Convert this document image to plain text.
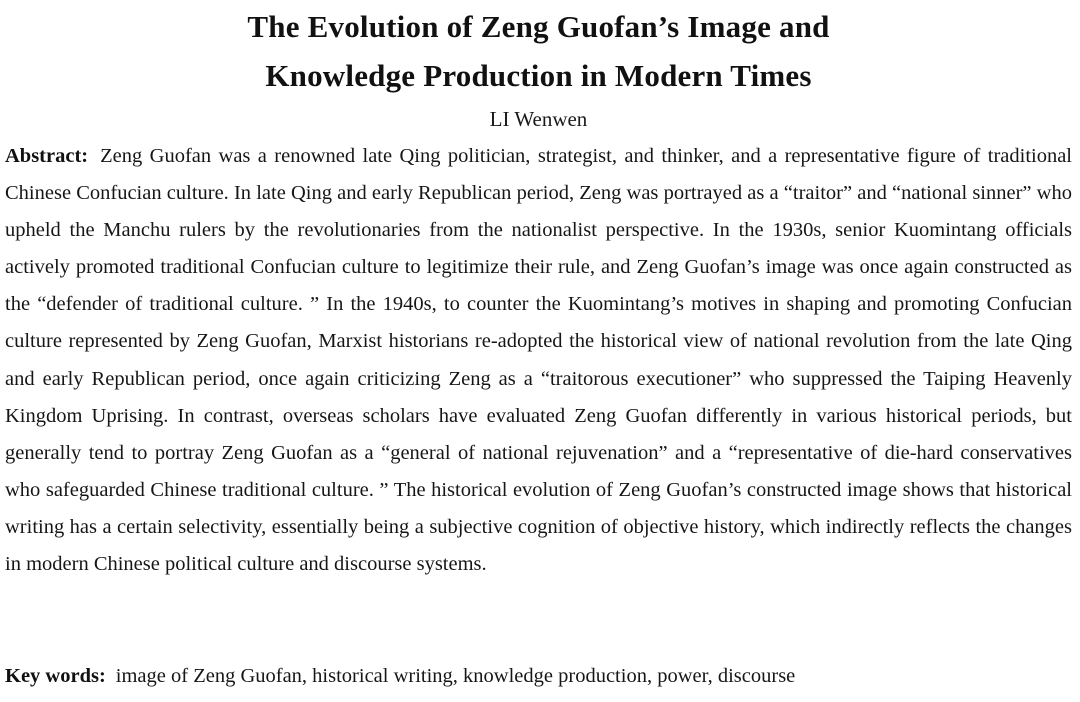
The Evolution of Zeng Guofan’s Image and
Knowledge Production in Modern Times

LI Wenwen

Abstract: Zeng Guofan was a renowned late Qing politician, strategist, and thinker, and a representative figure of traditional Chinese Confucian culture. In late Qing and early Republican period, Zeng was portrayed as a “traitor” and “national sinner” who upheld the Manchu rulers by the revolutionaries from the nationalist perspective. In the 1930s, senior Kuomintang officials actively promoted traditional Confucian culture to legitimize their rule, and Zeng Guofan’s image was once again constructed as the “defender of traditional culture. ” In the 1940s, to counter the Kuomintang’s motives in shaping and promoting Confucian culture represented by Zeng Guofan, Marxist historians re-adopted the historical view of national revolution from the late Qing and early Republican period, once again criticizing Zeng as a “traitorous executioner” who suppressed the Taiping Heavenly Kingdom Uprising. In contrast, overseas scholars have evaluated Zeng Guofan differently in various historical periods, but generally tend to portray Zeng Guofan as a “general of national rejuvenation” and a “representative of die-hard conservatives who safeguarded Chinese traditional culture. ” The historical evolution of Zeng Guofan’s constructed image shows that historical writing has a certain selectivity, essentially being a subjective cognition of objective history, which indirectly reflects the changes in modern Chinese political culture and discourse systems.

Key words: image of Zeng Guofan, historical writing, knowledge production, power, discourse
